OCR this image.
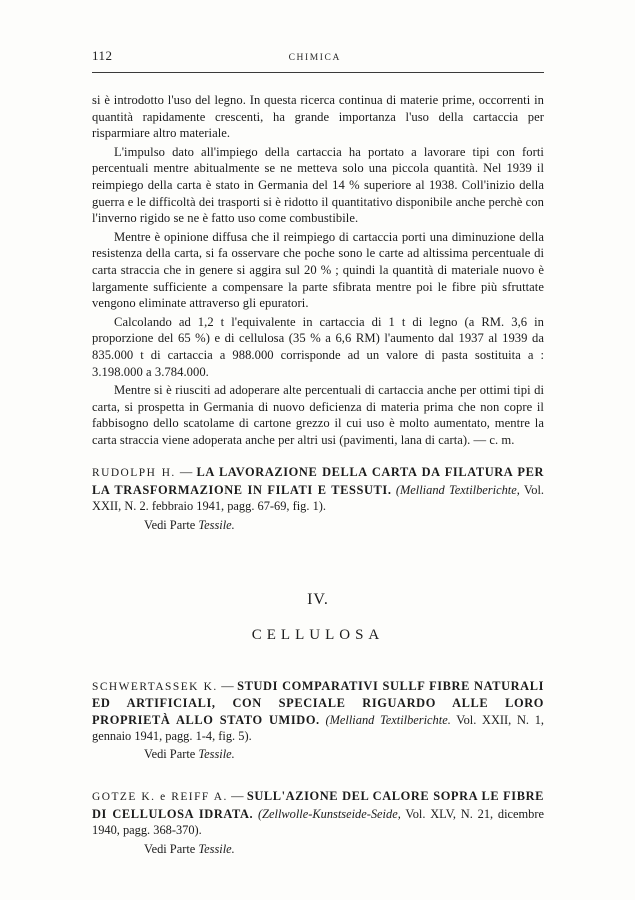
112	CHIMICA

si è introdotto l'uso del legno. In questa ricerca continua di materie prime, occorrenti in quantità rapidamente crescenti, ha grande importanza l'uso della cartaccia per risparmiare altro materiale.

L'impulso dato all'impiego della cartaccia ha portato a lavorare tipi con forti percentuali mentre abitualmente se ne metteva solo una piccola quantità. Nel 1939 il reimpiego della carta è stato in Germania del 14 % superiore al 1938. Coll'inizio della guerra e le difficoltà dei trasporti si è ridotto il quantitativo disponibile anche perchè con l'inverno rigido se ne è fatto uso come combustibile.

Mentre è opinione diffusa che il reimpiego di cartaccia porti una diminuzione della resistenza della carta, si fa osservare che poche sono le carte ad altissima percentuale di carta straccia che in genere si aggira sul 20 % ; quindi la quantità di materiale nuovo è largamente sufficiente a compensare la parte sfibrata mentre poi le fibre più sfruttate vengono eliminate attraverso gli epuratori.

Calcolando ad 1,2 t l'equivalente in cartaccia di 1 t di legno (a RM. 3,6 in proporzione del 65 %) e di cellulosa (35 % a 6,6 RM) l'aumento dal 1937 al 1939 da 835.000 t di cartaccia a 988.000 corrisponde ad un valore di pasta sostituita a : 3.198.000 a 3.784.000.

Mentre si è riusciti ad adoperare alte percentuali di cartaccia anche per ottimi tipi di carta, si prospetta in Germania di nuovo deficienza di materia prima che non copre il fabbisogno dello scatolame di cartone grezzo il cui uso è molto aumentato, mentre la carta straccia viene adoperata anche per altri usi (pavimenti, lana di carta). — c. m.

RUDOLPH H. — LA LAVORAZIONE DELLA CARTA DA FILATURA PER LA TRASFORMAZIONE IN FILATI E TESSUTI. (Melliand Textilberichte, Vol. XXII, N. 2. febbraio 1941, pagg. 67-69, fig. 1).
Vedi Parte Tessile.
IV.
CELLULOSA
SCHWERTASSEK K. — STUDI COMPARATIVI SULLF FIBRE NATURALI ED ARTIFICIALI, CON SPECIALE RIGUARDO ALLE LORO PROPRIETÀ ALLO STATO UMIDO. (Melliand Textilberichte. Vol. XXII, N. 1, gennaio 1941, pagg. 1-4, fig. 5).
Vedi Parte Tessile.
GOTZE K. e REIFF A. — SULL'AZIONE DEL CALORE SOPRA LE FIBRE DI CELLULOSA IDRATA. (Zellwolle-Kunstseide-Seide, Vol. XLV, N. 21, dicembre 1940, pagg. 368-370).
Vedi Parte Tessile.
